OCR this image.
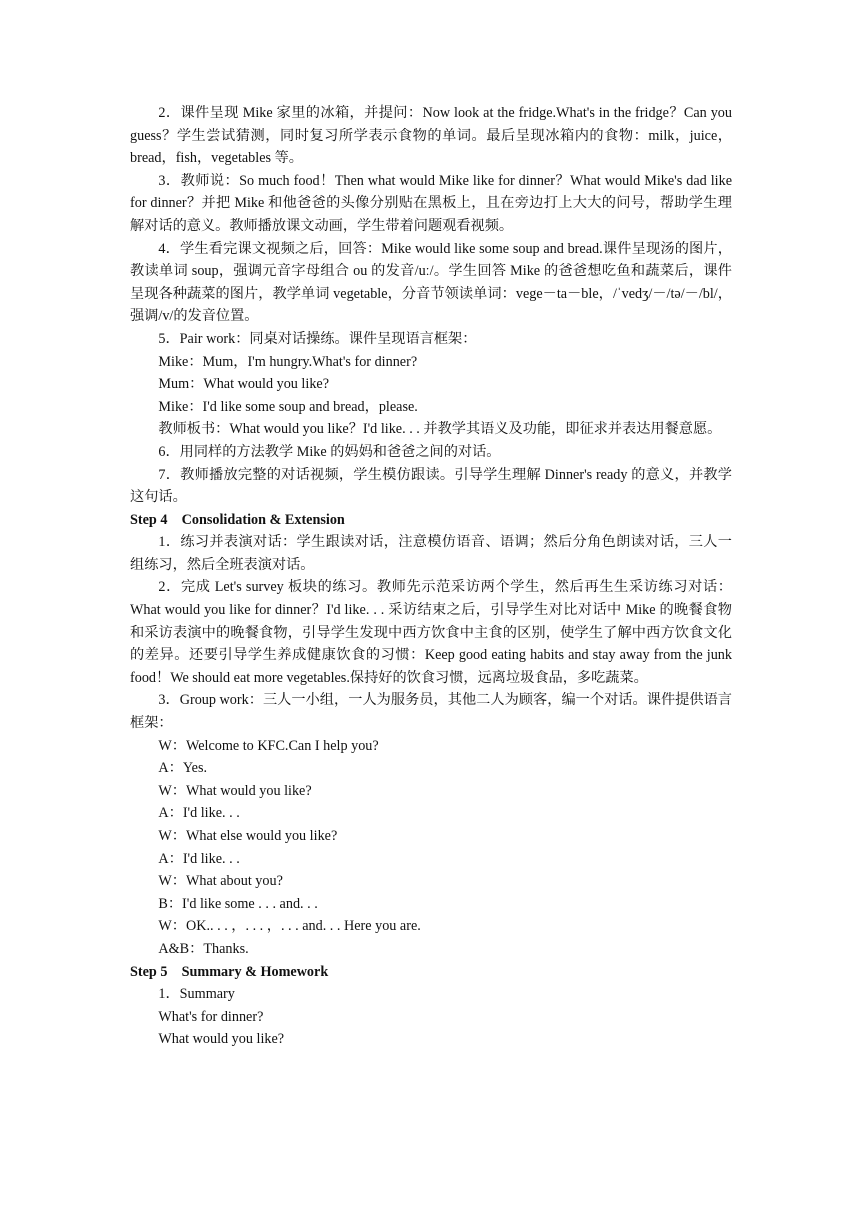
2．课件呈现 Mike 家里的冰箱，并提问：Now look at the fridge.What's in the fridge？Can you guess？学生尝试猜测，同时复习所学表示食物的单词。最后呈现冰箱内的食物：milk，juice，bread，fish，vegetables 等。

3．教师说：So much food！Then what would Mike like for dinner？What would Mike's dad like for dinner？并把 Mike 和他爸爸的头像分别贴在黑板上，且在旁边打上大大的问号，帮助学生理解对话的意义。教师播放课文动画，学生带着问题观看视频。

4．学生看完课文视频之后，回答：Mike would like some soup and bread.课件呈现汤的图片，教读单词 soup，强调元音字母组合 ou 的发音/uː/。学生回答 Mike 的爸爸想吃鱼和蔬菜后，课件呈现各种蔬菜的图片，教学单词 vegetable，分音节领读单词：vege－ta－ble，/ˈvedʒ/－/tə/－/bl/，强调/v/的发音位置。

5．Pair work：同桌对话操练。课件呈现语言框架：

Mike：Mum，I'm hungry.What's for dinner?

Mum：What would you like?

Mike：I'd like some soup and bread，please.

教师板书：What would you like？I'd like. . . 并教学其语义及功能，即征求并表达用餐意愿。

6．用同样的方法教学 Mike 的妈妈和爸爸之间的对话。

7．教师播放完整的对话视频，学生模仿跟读。引导学生理解 Dinner's ready 的意义，并教学这句话。

Step 4    Consolidation & Extension

1．练习并表演对话：学生跟读对话，注意模仿语音、语调；然后分角色朗读对话，三人一组练习，然后全班表演对话。

2．完成 Let's survey 板块的练习。教师先示范采访两个学生，然后再生生采访练习对话：What would you like for dinner？I'd like. . . 采访结束之后，引导学生对比对话中 Mike 的晚餐食物和采访表演中的晚餐食物，引导学生发现中西方饮食中主食的区别，使学生了解中西方饮食文化的差异。还要引导学生养成健康饮食的习惯：Keep good eating habits and stay away from the junk food！We should eat more vegetables.保持好的饮食习惯，远离垃圾食品，多吃蔬菜。

3．Group work：三人一小组，一人为服务员，其他二人为顾客，编一个对话。课件提供语言框架：

W：Welcome to KFC.Can I help you?

A：Yes.

W：What would you like?

A：I'd like. . .

W：What else would you like?

A：I'd like. . .

W：What about you?

B：I'd like some . . . and. . .

W：OK.. . . ，. . . ，. . . and. . . Here you are.

A&B：Thanks.

Step 5    Summary & Homework

1．Summary

What's for dinner?

What would you like?
